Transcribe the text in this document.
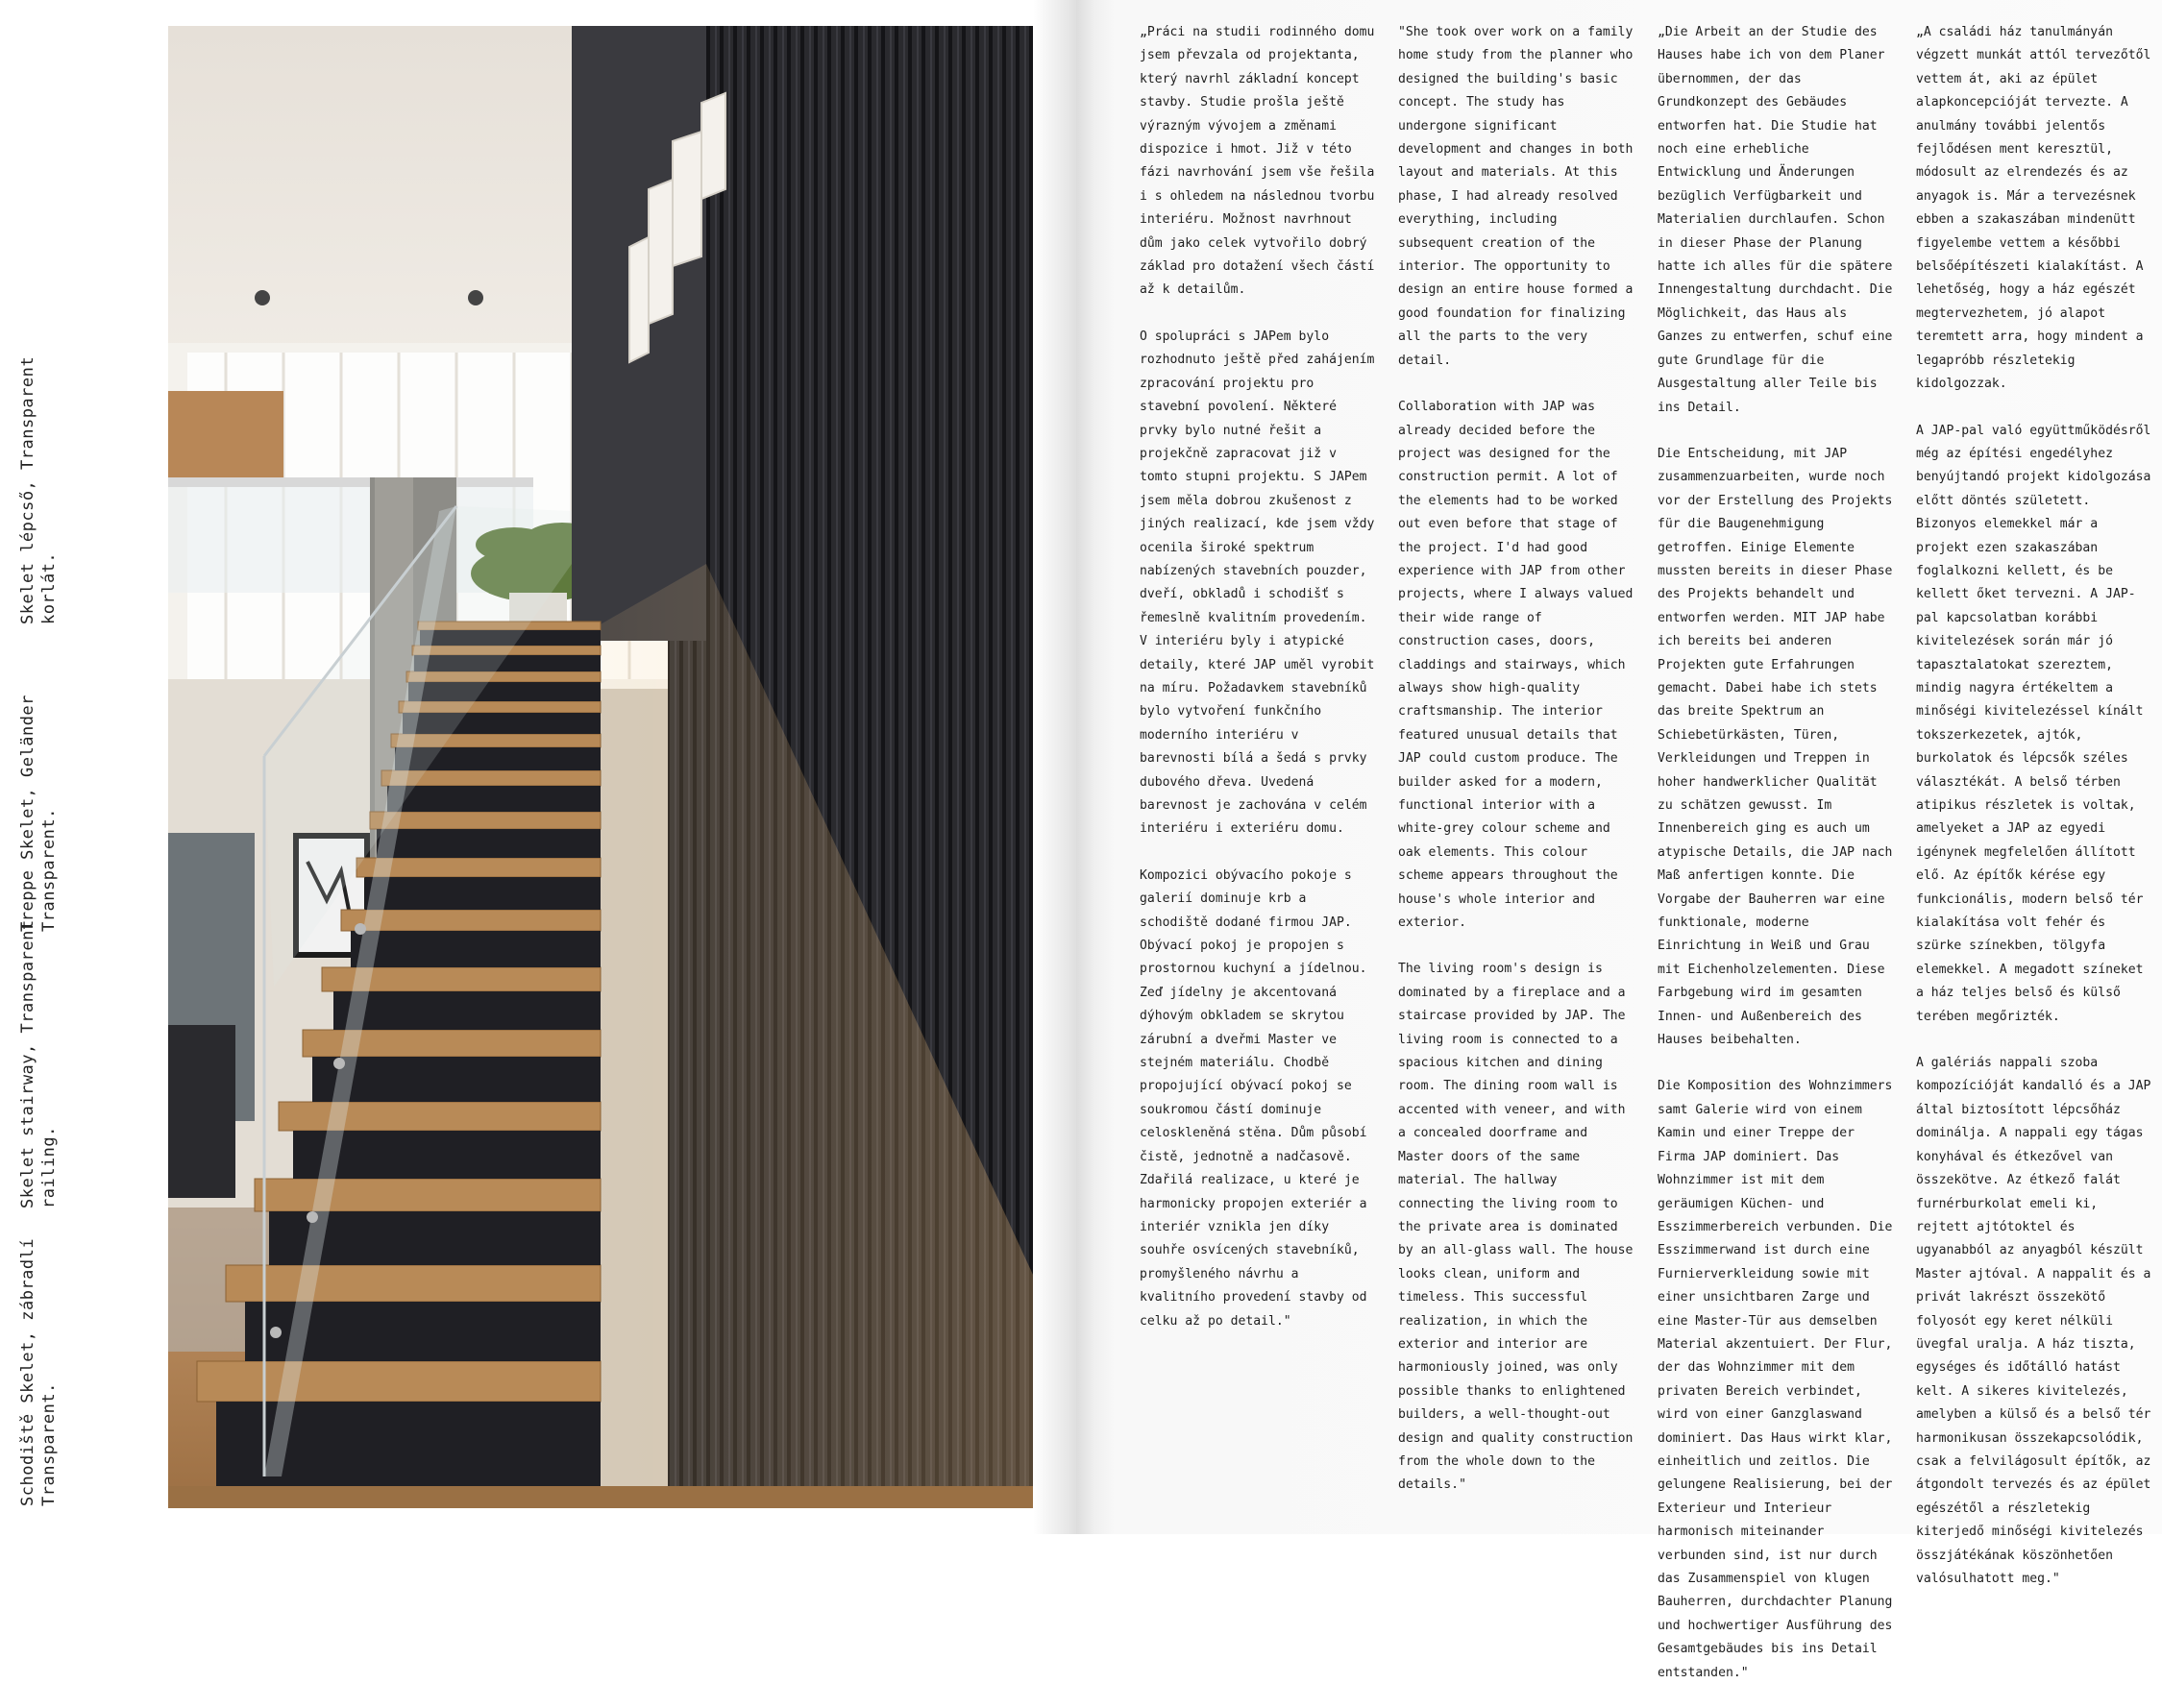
Schodiště Skelet, zábradlí
Transparent.
Skelet stairway, Transparent
railing.
Treppe Skelet, Geländer
Transparent.
Skelet lépcső, Transparent
korlát.

„Práci na studii rodinného domu jsem převzala od projektanta, který navrhl základní koncept stavby. Studie prošla ještě výrazným vývojem a změnami dispozice i hmot. Již v této fázi navrhování jsem vše řešila i s ohledem na následnou tvorbu interiéru. Možnost navrhnout dům jako celek vytvořilo dobrý základ pro dotažení všech částí až k detailům.

O spolupráci s JAPem bylo rozhodnuto ještě před zahájením zpracování projektu pro stavební povolení. Některé prvky bylo nutné řešit a projekčně zapracovat již v tomto stupni projektu. S JAPem jsem měla dobrou zkušenost z jiných realizací, kde jsem vždy ocenila široké spektrum nabízených stavebních pouzder, dveří, obkladů i schodišť s řemeslně kvalitním provedením. V interiéru byly i atypické detaily, které JAP uměl vyrobit na míru. Požadavkem stavebníků bylo vytvoření funkčního moderního interiéru v barevnosti bílá a šedá s prvky dubového dřeva. Uvedená barevnost je zachována v celém interiéru i exteriéru domu.

Kompozici obývacího pokoje s galerií dominuje krb a schodiště dodané firmou JAP. Obývací pokoj je propojen s prostornou kuchyní a jídelnou. Zeď jídelny je akcentovaná dýhovým obkladem se skrytou zárubní a dveřmi Master ve stejném materiálu. Chodbě propojující obývací pokoj se soukromou částí dominuje celoskleněná stěna. Dům působí čistě, jednotně a nadčasově. Zdařilá realizace, u které je harmonicky propojen exteriér a interiér vznikla jen díky souhře osvícených stavebníků, promyšleného návrhu a kvalitního provedení stavby od celku až po detail."

"She took over work on a family home study from the planner who designed the building's basic concept. The study has undergone significant development and changes in both layout and materials. At this phase, I had already resolved everything, including subsequent creation of the interior. The opportunity to design an entire house formed a good foundation for finalizing all the parts to the very detail.

Collaboration with JAP was already decided before the project was designed for the construction permit. A lot of the elements had to be worked out even before that stage of the project. I'd had good experience with JAP from other projects, where I always valued their wide range of construction cases, doors, claddings and stairways, which always show high-quality craftsmanship. The interior featured unusual details that JAP could custom produce. The builder asked for a modern, functional interior with a white-grey colour scheme and oak elements. This colour scheme appears throughout the house's whole interior and exterior.

The living room's design is dominated by a fireplace and a staircase provided by JAP. The living room is connected to a spacious kitchen and dining room. The dining room wall is accented with veneer, and with a concealed doorframe and Master doors of the same material. The hallway connecting the living room to the private area is dominated by an all-glass wall. The house looks clean, uniform and timeless. This successful realization, in which the exterior and interior are harmoniously joined, was only possible thanks to enlightened builders, a well-thought-out design and quality construction from the whole down to the details."

„Die Arbeit an der Studie des Hauses habe ich von dem Planer übernommen, der das Grundkonzept des Gebäudes entworfen hat. Die Studie hat noch eine erhebliche Entwicklung und Änderungen bezüglich Verfügbarkeit und Materialien durchlaufen. Schon in dieser Phase der Planung hatte ich alles für die spätere Innengestaltung durchdacht. Die Möglichkeit, das Haus als Ganzes zu entwerfen, schuf eine gute Grundlage für die Ausgestaltung aller Teile bis ins Detail.

Die Entscheidung, mit JAP zusammenzuarbeiten, wurde noch vor der Erstellung des Projekts für die Baugenehmigung getroffen. Einige Elemente mussten bereits in dieser Phase des Projekts behandelt und entworfen werden. MIT JAP habe ich bereits bei anderen Projekten gute Erfahrungen gemacht. Dabei habe ich stets das breite Spektrum an Schiebetürkästen, Türen, Verkleidungen und Treppen in hoher handwerklicher Qualität zu schätzen gewusst. Im Innenbereich ging es auch um atypische Details, die JAP nach Maß anfertigen konnte. Die Vorgabe der Bauherren war eine funktionale, moderne Einrichtung in Weiß und Grau mit Eichenholzelementen. Diese Farbgebung wird im gesamten Innen- und Außenbereich des Hauses beibehalten.

Die Komposition des Wohnzimmers samt Galerie wird von einem Kamin und einer Treppe der Firma JAP dominiert. Das Wohnzimmer ist mit dem geräumigen Küchen- und Esszimmerbereich verbunden. Die Esszimmerwand ist durch eine Furnierverkleidung sowie mit einer unsichtbaren Zarge und eine Master-Tür aus demselben Material akzentuiert. Der Flur, der das Wohnzimmer mit dem privaten Bereich verbindet, wird von einer Ganzglaswand dominiert. Das Haus wirkt klar, einheitlich und zeitlos. Die gelungene Realisierung, bei der Exterieur und Interieur harmonisch miteinander verbunden sind, ist nur durch das Zusammenspiel von klugen Bauherren, durchdachter Planung und hochwertiger Ausführung des Gesamtgebäudes bis ins Detail entstanden."

„A családi ház tanulmányán végzett munkát attól tervezőtől vettem át, aki az épület alapkoncepcióját tervezte. A anulmány további jelentős fejlődésen ment keresztül, módosult az elrendezés és az anyagok is. Már a tervezésnek ebben a szakaszában mindenütt figyelembe vettem a későbbi belsőépítészeti kialakítást. A lehetőség, hogy a ház egészét megtervezhetem, jó alapot teremtett arra, hogy mindent a legapróbb részletekig kidolgozzak.

A JAP-pal való együttműködésről még az építési engedélyhez benyújtandó projekt kidolgozása előtt döntés született. Bizonyos elemekkel már a projekt ezen szakaszában foglalkozni kellett, és be kellett őket tervezni. A JAP-pal kapcsolatban korábbi kivitelezések során már jó tapasztalatokat szereztem, mindig nagyra értékeltem a minőségi kivitelezéssel kínált tokszerkezetek, ajtók, burkolatok és lépcsők széles választékát. A belső térben atipikus részletek is voltak, amelyeket a JAP az egyedi igénynek megfelelően állított elő. Az építők kérése egy funkcionális, modern belső tér kialakítása volt fehér és szürke színekben, tölgyfa elemekkel. A megadott színeket a ház teljes belső és külső terében megőrizték.

A galériás nappali szoba kompozícióját kandalló és a JAP által biztosított lépcsőház dominálja. A nappali egy tágas konyhával és étkezővel van összekötve. Az étkező falát furnérburkolat emeli ki, rejtett ajtótoktel és ugyanabból az anyagból készült Master ajtóval. A nappalit és a privát lakrészt összekötő folyosót egy keret nélküli üvegfal uralja. A ház tiszta, egységes és időtálló hatást kelt. A sikeres kivitelezés, amelyben a külső és a belső tér harmonikusan összekapcsolódik, csak a felvilágosult építők, az átgondolt tervezés és az épület egészétől a részletekig kiterjedő minőségi kivitelezés összjátékának köszönhetően valósulhatott meg."
